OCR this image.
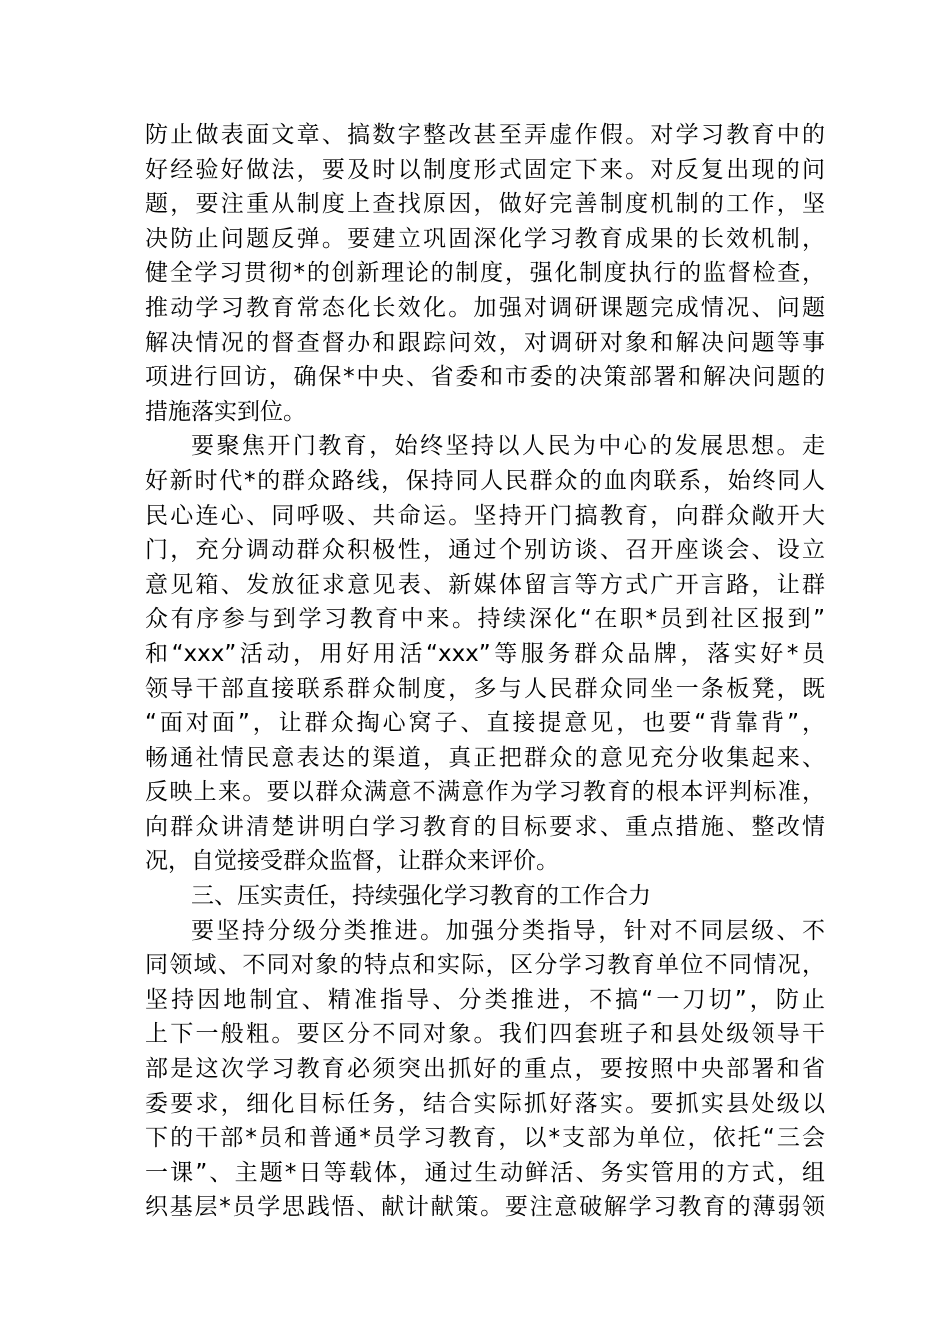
防止做表面文章、搞数字整改甚至弄虚作假。对学习教育中的
好经验好做法，要及时以制度形式固定下来。对反复出现的问
题，要注重从制度上查找原因，做好完善制度机制的工作，坚
决防止问题反弹。要建立巩固深化学习教育成果的长效机制，
健全学习贯彻*的创新理论的制度，强化制度执行的监督检查，
推动学习教育常态化长效化。加强对调研课题完成情况、问题
解决情况的督查督办和跟踪问效，对调研对象和解决问题等事
项进行回访，确保*中央、省委和市委的决策部署和解决问题的
措施落实到位。
要聚焦开门教育，始终坚持以人民为中心的发展思想。走
好新时代*的群众路线，保持同人民群众的血肉联系，始终同人
民心连心、同呼吸、共命运。坚持开门搞教育，向群众敞开大
门，充分调动群众积极性，通过个别访谈、召开座谈会、设立
意见箱、发放征求意见表、新媒体留言等方式广开言路，让群
众有序参与到学习教育中来。持续深化“在职*员到社区报到”
和“xxx”活动，用好用活“xxx”等服务群众品牌，落实好*员
领导干部直接联系群众制度，多与人民群众同坐一条板凳，既
“面对面”，让群众掏心窝子、直接提意见，也要“背靠背”，
畅通社情民意表达的渠道，真正把群众的意见充分收集起来、
反映上来。要以群众满意不满意作为学习教育的根本评判标准，
向群众讲清楚讲明白学习教育的目标要求、重点措施、整改情
况，自觉接受群众监督，让群众来评价。
三、压实责任，持续强化学习教育的工作合力
要坚持分级分类推进。加强分类指导，针对不同层级、不
同领域、不同对象的特点和实际，区分学习教育单位不同情况，
坚持因地制宜、精准指导、分类推进，不搞“一刀切”，防止
上下一般粗。要区分不同对象。我们四套班子和县处级领导干
部是这次学习教育必须突出抓好的重点，要按照中央部署和省
委要求，细化目标任务，结合实际抓好落实。要抓实县处级以
下的干部*员和普通*员学习教育，以*支部为单位，依托“三会
一课”、主题*日等载体，通过生动鲜活、务实管用的方式，组
织基层*员学思践悟、献计献策。要注意破解学习教育的薄弱领
